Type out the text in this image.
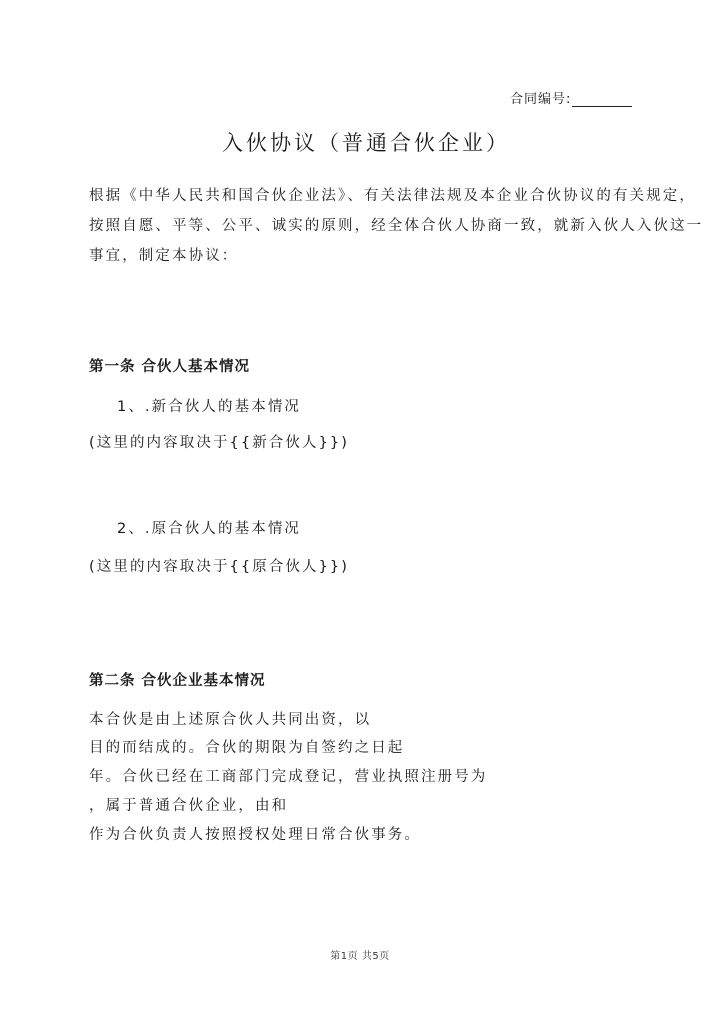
合同编号:
入伙协议（普通合伙企业）
根据《中华人民共和国合伙企业法》、有关法律法规及本企业合伙协议的有关规定，
按照自愿、平等、公平、诚实的原则，经全体合伙人协商一致，就新入伙人入伙这一
事宜，制定本协议：
第一条 合伙人基本情况
1、.新合伙人的基本情况
(这里的内容取决于{{新合伙人}})
2、.原合伙人的基本情况
(这里的内容取决于{{原合伙人}})
第二条 合伙企业基本情况
本合伙是由上述原合伙人共同出资，以
目的而结成的。合伙的期限为自签约之日起
年。合伙已经在工商部门完成登记，营业执照注册号为
，属于普通合伙企业，由和
作为合伙负责人按照授权处理日常合伙事务。
第1页 共5页
